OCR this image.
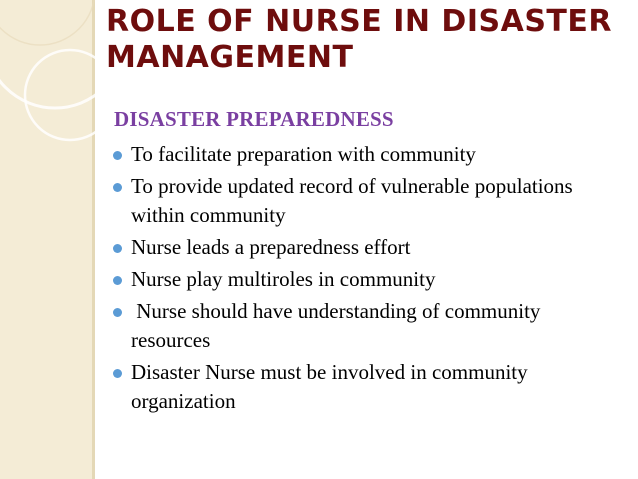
ROLE OF NURSE IN DISASTER MANAGEMENT
DISASTER PREPAREDNESS
To facilitate preparation with community
To provide updated record of vulnerable populations within community
Nurse leads a preparedness effort
Nurse play multiroles in community
Nurse should have understanding of community resources
Disaster Nurse must be involved in community organization
